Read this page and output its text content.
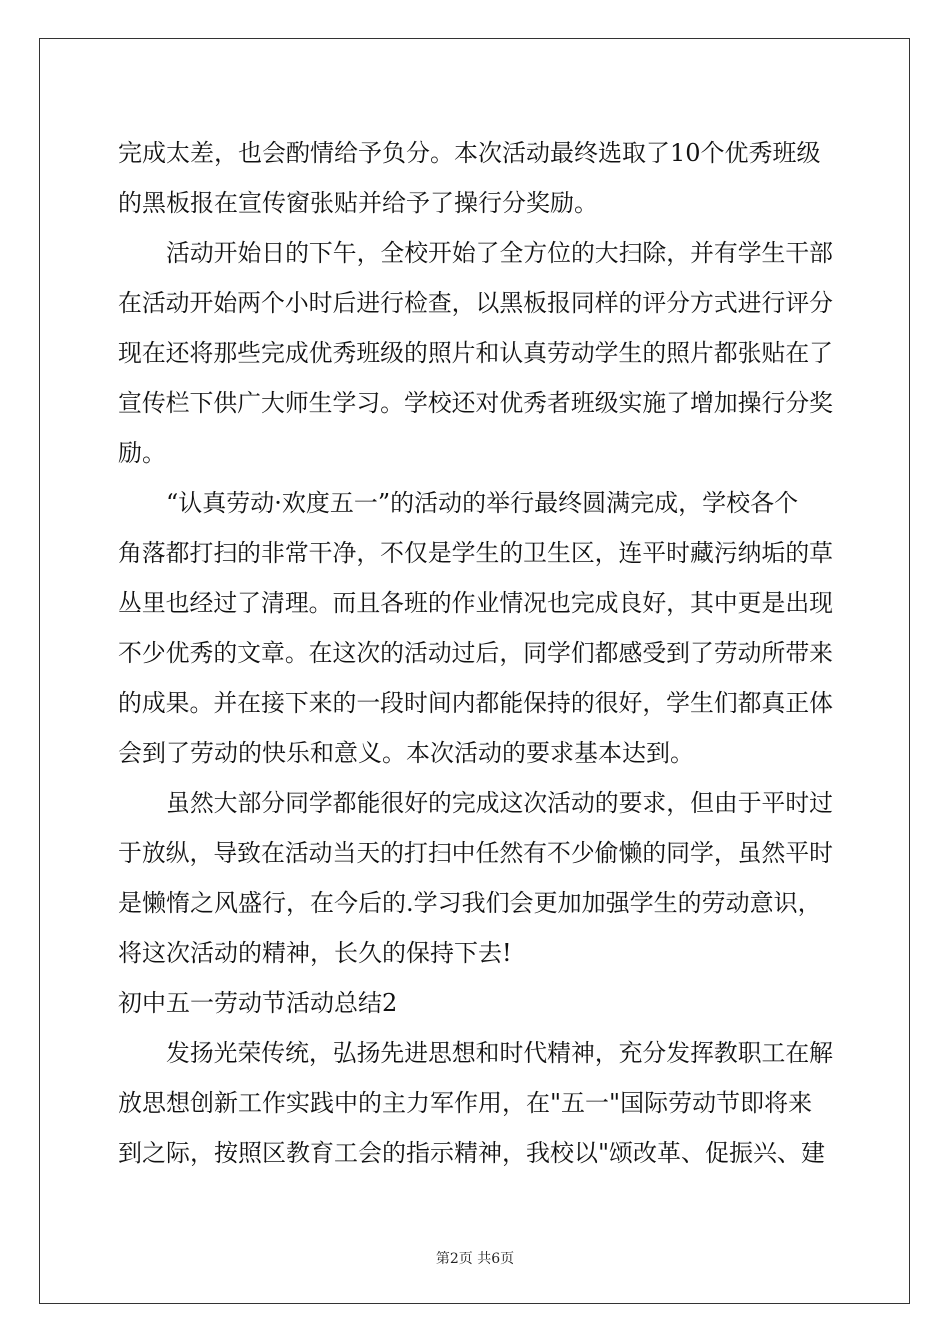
完成太差，也会酌情给予负分。本次活动最终选取了10个优秀班级
的黑板报在宣传窗张贴并给予了操行分奖励。
活动开始日的下午，全校开始了全方位的大扫除，并有学生干部
在活动开始两个小时后进行检查，以黑板报同样的评分方式进行评分
现在还将那些完成优秀班级的照片和认真劳动学生的照片都张贴在了
宣传栏下供广大师生学习。学校还对优秀者班级实施了增加操行分奖
励。
“认真劳动·欢度五一”的活动的举行最终圆满完成，学校各个
角落都打扫的非常干净，不仅是学生的卫生区，连平时藏污纳垢的草
丛里也经过了清理。而且各班的作业情况也完成良好，其中更是出现
不少优秀的文章。在这次的活动过后，同学们都感受到了劳动所带来
的成果。并在接下来的一段时间内都能保持的很好，学生们都真正体
会到了劳动的快乐和意义。本次活动的要求基本达到。
虽然大部分同学都能很好的完成这次活动的要求，但由于平时过
于放纵，导致在活动当天的打扫中任然有不少偷懒的同学，虽然平时
是懒惰之风盛行，在今后的.学习我们会更加加强学生的劳动意识，
将这次活动的精神，长久的保持下去!
初中五一劳动节活动总结2
发扬光荣传统，弘扬先进思想和时代精神，充分发挥教职工在解
放思想创新工作实践中的主力军作用，在"五一"国际劳动节即将来
到之际，按照区教育工会的指示精神，我校以"颂改革、促振兴、建
第2页 共6页
